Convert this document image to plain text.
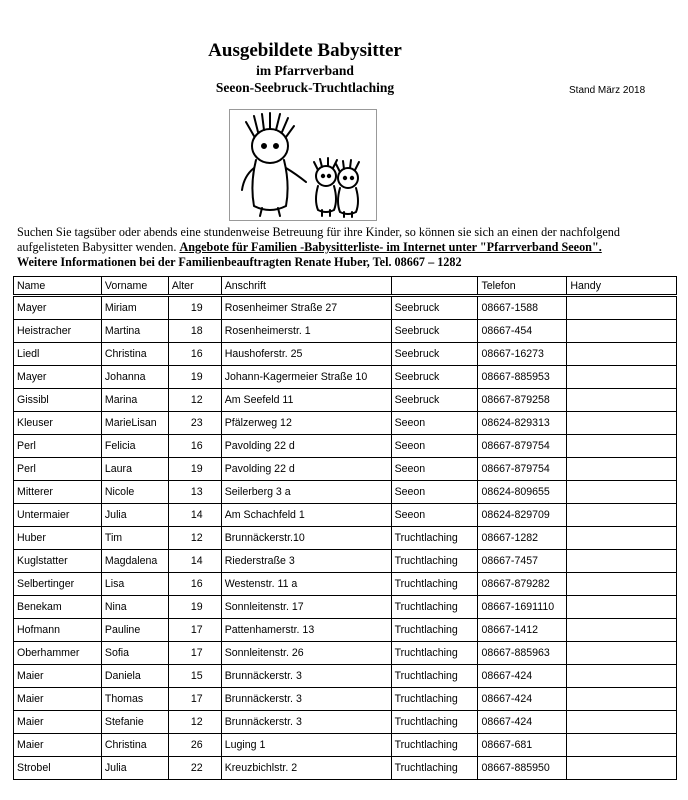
Ausgebildete Babysitter
im Pfarrverband
Seeon-Seebruck-Truchtlaching	Stand März 2018
Suchen Sie tagsüber oder abends eine stundenweise Betreuung für ihre Kinder, so können sie sich an einen der nachfolgend
aufgelisteten Babysitter wenden. Angebote für Familien -Babysitterliste- im Internet unter "Pfarrverband Seeon".
Weitere Informationen bei der Familienbeauftragten Renate Huber, Tel. 08667 – 1282
Name	Vorname	Alter	Anschrift		Telefon	Handy
Mayer	Miriam	19	Rosenheimer Straße 27	Seebruck	08667-1588	
Heistracher	Martina	18	Rosenheimerstr. 1	Seebruck	08667-454	
Liedl	Christina	16	Haushoferstr. 25	Seebruck	08667-16273	
Mayer	Johanna	19	Johann-Kagermeier Straße 10	Seebruck	08667-885953	
Gissibl	Marina	12	Am Seefeld 11	Seebruck	08667-879258	
Kleuser	MarieLisan	23	Pfälzerweg 12	Seeon	08624-829313	
Perl	Felicia	16	Pavolding 22 d	Seeon	08667-879754	
Perl	Laura	19	Pavolding 22 d	Seeon	08667-879754	
Mitterer	Nicole	13	Seilerberg 3 a	Seeon	08624-809655	
Untermaier	Julia	14	Am Schachfeld 1	Seeon	08624-829709	
Huber	Tim	12	Brunnäckerstr.10	Truchtlaching	08667-1282	
Kuglstatter	Magdalena	14	Riederstraße 3	Truchtlaching	08667-7457	
Selbertinger	Lisa	16	Westenstr. 11 a	Truchtlaching	08667-879282	
Benekam	Nina	19	Sonnleitenstr. 17	Truchtlaching	08667-1691110	
Hofmann	Pauline	17	Pattenhamerstr. 13	Truchtlaching	08667-1412	
Oberhammer	Sofia	17	Sonnleitenstr. 26	Truchtlaching	08667-885963	
Maier	Daniela	15	Brunnäckerstr. 3	Truchtlaching	08667-424	
Maier	Thomas	17	Brunnäckerstr. 3	Truchtlaching	08667-424	
Maier	Stefanie	12	Brunnäckerstr. 3	Truchtlaching	08667-424	
Maier	Christina	26	Luging 1	Truchtlaching	08667-681	
Strobel	Julia	22	Kreuzbichlstr. 2	Truchtlaching	08667-885950	
